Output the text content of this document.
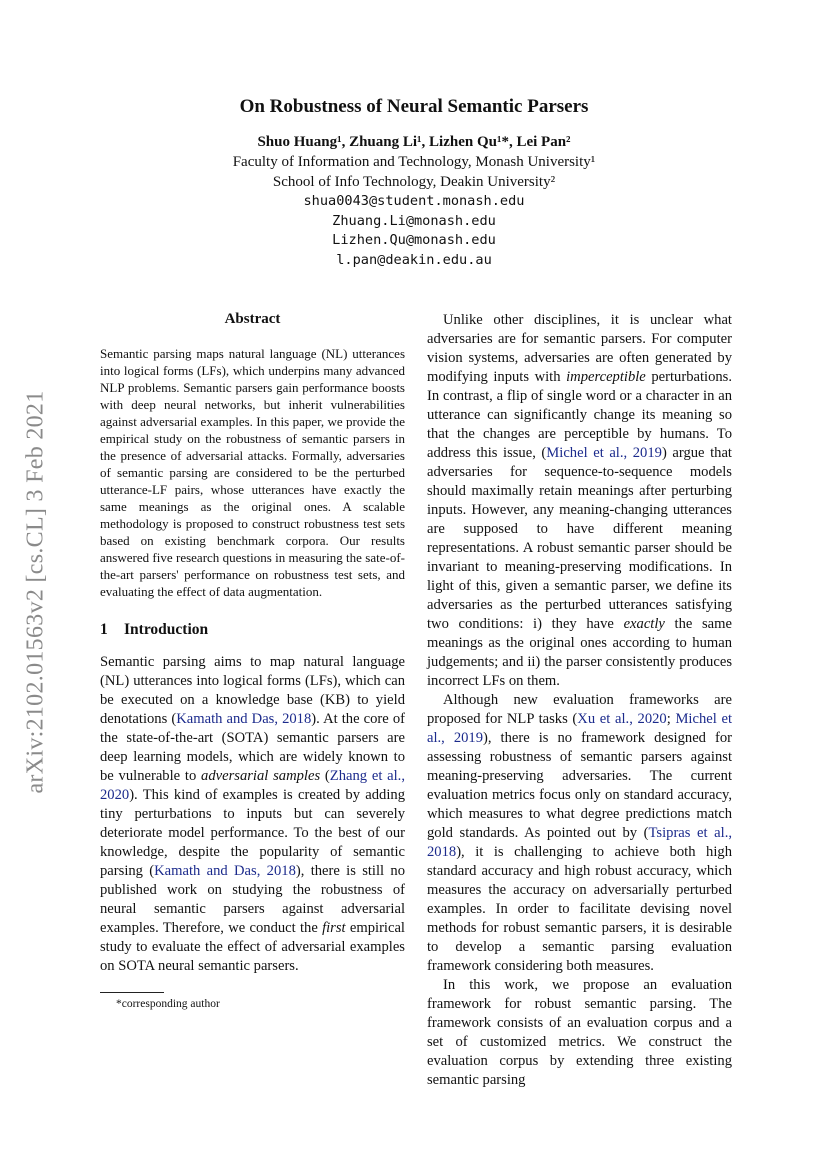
arXiv:2102.01563v2 [cs.CL] 3 Feb 2021
On Robustness of Neural Semantic Parsers
Shuo Huang¹, Zhuang Li¹, Lizhen Qu¹*, Lei Pan²
Faculty of Information and Technology, Monash University¹
School of Info Technology, Deakin University²
shua0043@student.monash.edu
Zhuang.Li@monash.edu
Lizhen.Qu@monash.edu
l.pan@deakin.edu.au
Abstract

Semantic parsing maps natural language (NL) utterances into logical forms (LFs), which underpins many advanced NLP problems. Semantic parsers gain performance boosts with deep neural networks, but inherit vulnerabilities against adversarial examples. In this paper, we provide the empirical study on the robustness of semantic parsers in the presence of adversarial attacks. Formally, adversaries of semantic parsing are considered to be the perturbed utterance-LF pairs, whose utterances have exactly the same meanings as the original ones. A scalable methodology is proposed to construct robustness test sets based on existing benchmark corpora. Our results answered five research questions in measuring the sate-of-the-art parsers' performance on robustness test sets, and evaluating the effect of data augmentation.

1 Introduction

Semantic parsing aims to map natural language (NL) utterances into logical forms (LFs), which can be executed on a knowledge base (KB) to yield denotations (Kamath and Das, 2018). At the core of the state-of-the-art (SOTA) semantic parsers are deep learning models, which are widely known to be vulnerable to adversarial samples (Zhang et al., 2020). This kind of examples is created by adding tiny perturbations to inputs but can severely deteriorate model performance. To the best of our knowledge, despite the popularity of semantic parsing (Kamath and Das, 2018), there is still no published work on studying the robustness of neural semantic parsers against adversarial examples. Therefore, we conduct the first empirical study to evaluate the effect of adversarial examples on SOTA neural semantic parsers.

*corresponding author

Unlike other disciplines, it is unclear what adversaries are for semantic parsers. For computer vision systems, adversaries are often generated by modifying inputs with imperceptible perturbations. In contrast, a flip of single word or a character in an utterance can significantly change its meaning so that the changes are perceptible by humans. To address this issue, (Michel et al., 2019) argue that adversaries for sequence-to-sequence models should maximally retain meanings after perturbing inputs. However, any meaning-changing utterances are supposed to have different meaning representations. A robust semantic parser should be invariant to meaning-preserving modifications. In light of this, given a semantic parser, we define its adversaries as the perturbed utterances satisfying two conditions: i) they have exactly the same meanings as the original ones according to human judgements; and ii) the parser consistently produces incorrect LFs on them.

Although new evaluation frameworks are proposed for NLP tasks (Xu et al., 2020; Michel et al., 2019), there is no framework designed for assessing robustness of semantic parsers against meaning-preserving adversaries. The current evaluation metrics focus only on standard accuracy, which measures to what degree predictions match gold standards. As pointed out by (Tsipras et al., 2018), it is challenging to achieve both high standard accuracy and high robust accuracy, which measures the accuracy on adversarially perturbed examples. In order to facilitate devising novel methods for robust semantic parsers, it is desirable to develop a semantic parsing evaluation framework considering both measures.

In this work, we propose an evaluation framework for robust semantic parsing. The framework consists of an evaluation corpus and a set of customized metrics. We construct the evaluation corpus by extending three existing semantic parsing
